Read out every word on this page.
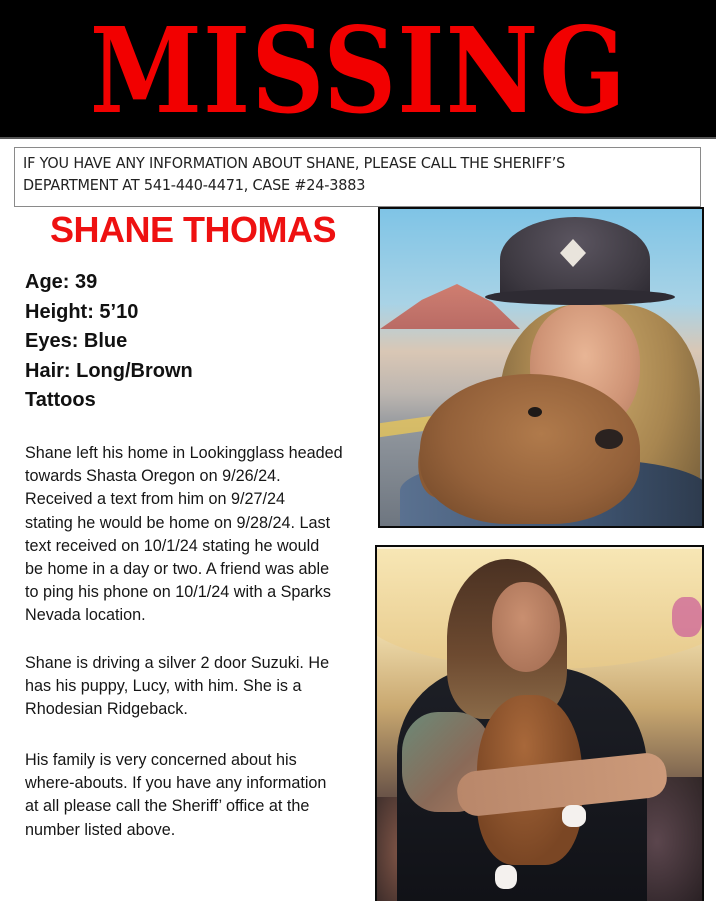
MISSING
IF YOU HAVE ANY INFORMATION ABOUT SHANE, PLEASE CALL THE SHERIFF’S
DEPARTMENT AT 541-440-4471, CASE #24-3883
SHANE THOMAS
Age: 39
Height: 5’10
Eyes: Blue
Hair: Long/Brown
Tattoos
Shane left his home in Lookingglass headed
towards Shasta Oregon on 9/26/24.
Received a text from him on 9/27/24
stating he would be home on 9/28/24. Last
text received on 10/1/24 stating he would
be home in a day or two. A friend was able
to ping his phone on 10/1/24 with a Sparks
Nevada location.
Shane is driving a silver 2 door Suzuki. He
has his puppy, Lucy, with him. She is a
Rhodesian Ridgeback.
His family is very concerned about his
where-abouts. If you have any information
at all please call the Sheriff’ office at the
number listed above.
